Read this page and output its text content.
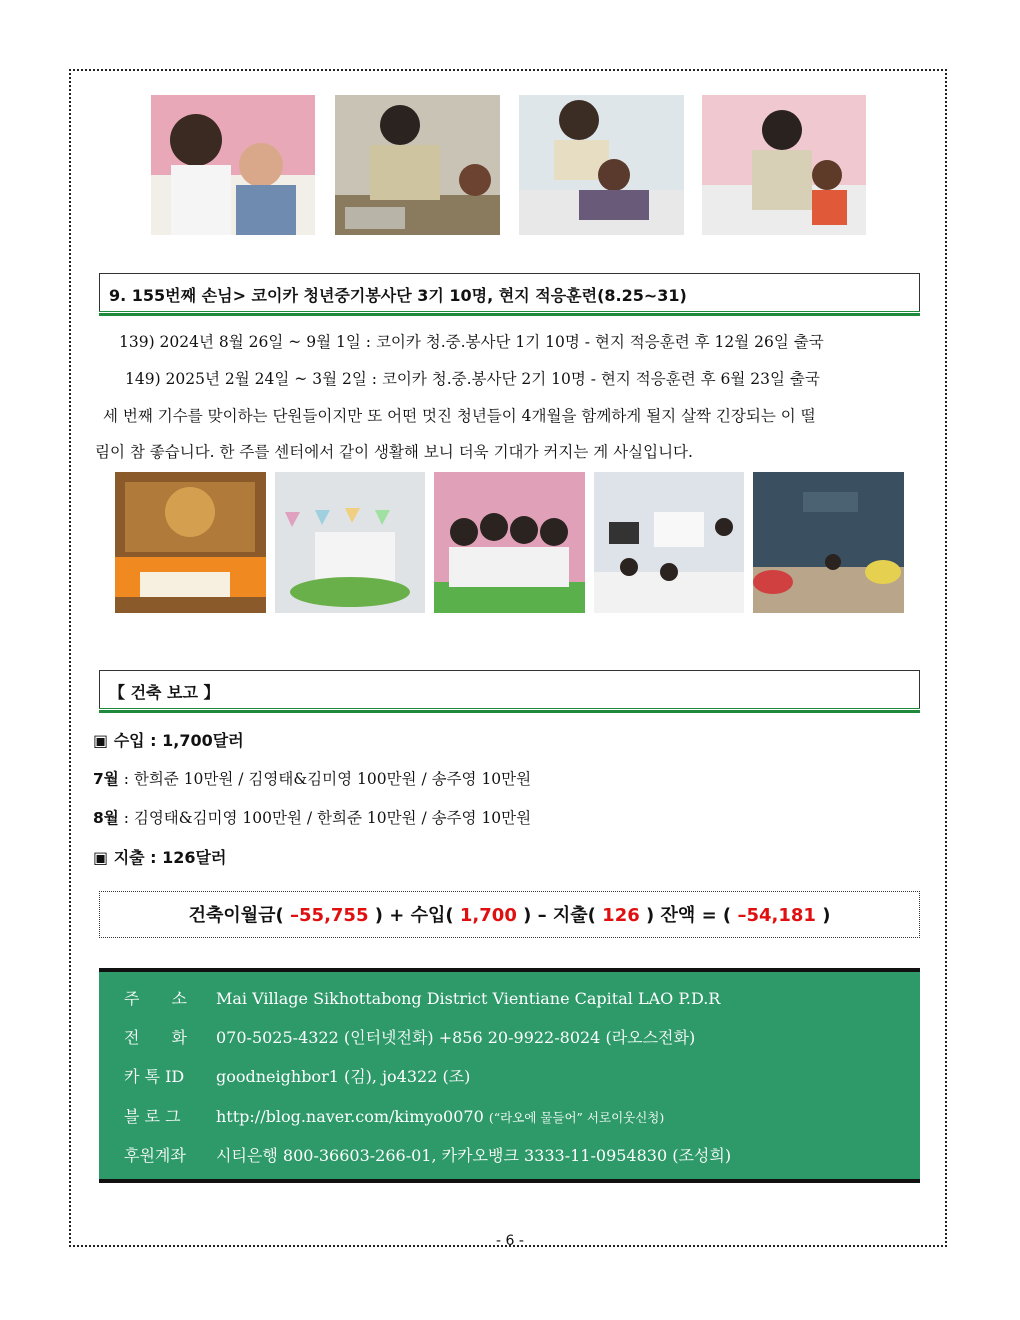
9. 155번째 손님> 코이카 청년중기봉사단 3기 10명, 현지 적응훈련(8.25~31)
139) 2024년 8월 26일 ~ 9월 1일 : 코이카 청.중.봉사단 1기 10명 - 현지 적응훈련 후 12월 26일 출국
149) 2025년 2월 24일 ~ 3월 2일 : 코이카 청.중.봉사단 2기 10명 - 현지 적응훈련 후 6월 23일 출국
세 번째 기수를 맞이하는 단원들이지만 또 어떤 멋진 청년들이 4개월을 함께하게 될지 살짝 긴장되는 이 떨
림이 참 좋습니다. 한 주를 센터에서 같이 생활해 보니 더욱 기대가 커지는 게 사실입니다.
【 건축 보고 】
▣ 수입 : 1,700달러
7월 : 한희준 10만원 / 김영태&김미영 100만원 / 송주영 10만원
8월 : 김영태&김미영 100만원 / 한희준 10만원 / 송주영 10만원
▣ 지출 : 126달러
건축이월금( –55,755 ) + 수입( 1,700 ) – 지출( 126 ) 잔액 = ( –54,181 )
주　　소 Mai Village Sikhottabong District Vientiane Capital LAO P.D.R
전　　화 070-5025-4322 (인터넷전화) +856 20-9922-8024 (라오스전화)
카 톡 ID goodneighbor1 (김), jo4322 (조)
블 로 그 http://blog.naver.com/kimyo0070 (“라오에 물들어” 서로이웃신청)
후원계좌 시티은행 800-36603-266-01, 카카오뱅크 3333-11-0954830 (조성희)
- 6 -
